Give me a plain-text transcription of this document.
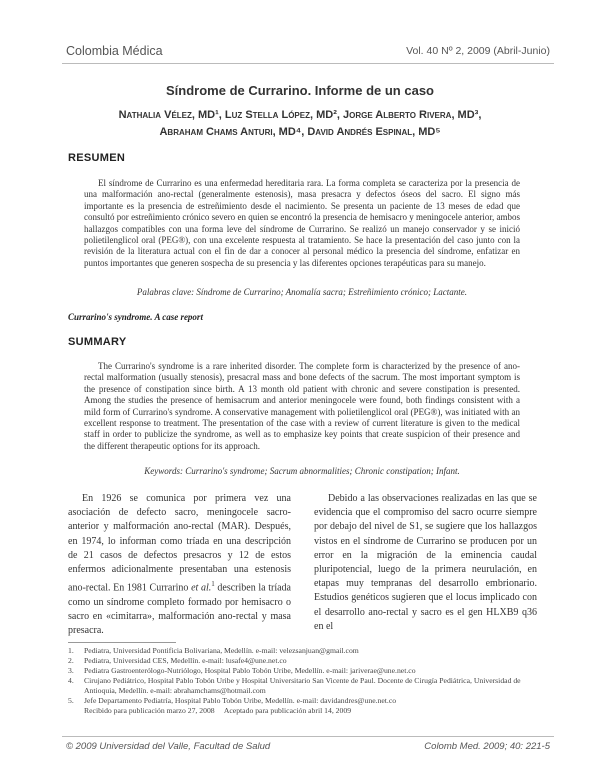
Colombia Médica	Vol. 40 Nº 2, 2009 (Abril-Junio)
Síndrome de Currarino. Informe de un caso
Nathalia Vélez, MD¹, Luz Stella López, MD², Jorge Alberto Rivera, MD³,
Abraham Chams Anturi, MD⁴, David Andrés Espinal, MD⁵
RESUMEN
El síndrome de Currarino es una enfermedad hereditaria rara. La forma completa se caracteriza por la presencia de una malformación ano-rectal (generalmente estenosis), masa presacra y defectos óseos del sacro. El signo más importante es la presencia de estreñimiento desde el nacimiento. Se presenta un paciente de 13 meses de edad que consultó por estreñimiento crónico severo en quien se encontró la presencia de hemisacro y meningocele anterior, ambos hallazgos compatibles con una forma leve del síndrome de Currarino. Se realizó un manejo conservador y se inició polietilenglicol oral (PEG®), con una excelente respuesta al tratamiento. Se hace la presentación del caso junto con la revisión de la literatura actual con el fin de dar a conocer al personal médico la presencia del síndrome, enfatizar en puntos importantes que generen sospecha de su presencia y las diferentes opciones terapéuticas para su manejo.
Palabras clave: Síndrome de Currarino; Anomalía sacra; Estreñimiento crónico; Lactante.
Currarino's syndrome. A case report
SUMMARY
The Currarino's syndrome is a rare inherited disorder. The complete form is characterized by the presence of ano-rectal malformation (usually stenosis), presacral mass and bone defects of the sacrum. The most important symptom is the presence of constipation since birth. A 13 month old patient with chronic and severe constipation is presented. Among the studies the presence of hemisacrum and anterior meningocele were found, both findings consistent with a mild form of Currarino's syndrome. A conservative management with polietilenglicol oral (PEG®), was initiated with an excellent response to treatment. The presentation of the case with a review of current literature is given to the medical staff in order to publicize the syndrome, as well as to emphasize key points that create suspicion of their presence and the different therapeutic options for its approach.
Keywords: Currarino's syndrome; Sacrum abnormalities; Chronic constipation; Infant.
En 1926 se comunica por primera vez una asociación de defecto sacro, meningocele sacro-anterior y malformación ano-rectal (MAR). Después, en 1974, lo informan como tríada en una descripción de 21 casos de defectos presacros y 12 de estos enfermos adicionalmente presentaban una estenosis ano-rectal. En 1981 Currarino et al.$^1$ describen la tríada como un síndrome completo formado por hemisacro o sacro en «cimitarra», malformación ano-rectal y masa presacra.
Debido a las observaciones realizadas en las que se evidencia que el compromiso del sacro ocurre siempre por debajo del nivel de S1, se sugiere que los hallazgos vistos en el síndrome de Currarino se producen por un error en la migración de la eminencia caudal pluripotencial, luego de la primera neurulación, en etapas muy tempranas del desarrollo embrionario. Estudios genéticos sugieren que el locus implicado con el desarrollo ano-rectal y sacro es el gen HLXB9 q36 en el
1.	Pediatra, Universidad Pontificia Bolivariana, Medellín. e-mail: velezsanjuan@gmail.com
2.	Pediatra, Universidad CES, Medellín. e-mail: lusafe4@une.net.co
3.	Pediatra Gastroenterólogo-Nutriólogo, Hospital Pablo Tobón Uribe, Medellín. e-mail: jariverae@une.net.co
4.	Cirujano Pediátrico, Hospital Pablo Tobón Uribe y Hospital Universitario San Vicente de Paul. Docente de Cirugía Pediátrica, Universidad de Antioquia, Medellín. e-mail: abrahamchams@hotmail.com
5.	Jefe Departamento Pediatría, Hospital Pablo Tobón Uribe, Medellín. e-mail: davidandres@une.net.co
Recibido para publicación marzo 27, 2008     Aceptado para publicación abril 14, 2009
© 2009 Universidad del Valle, Facultad de Salud	Colomb Med. 2009; 40: 221-5
